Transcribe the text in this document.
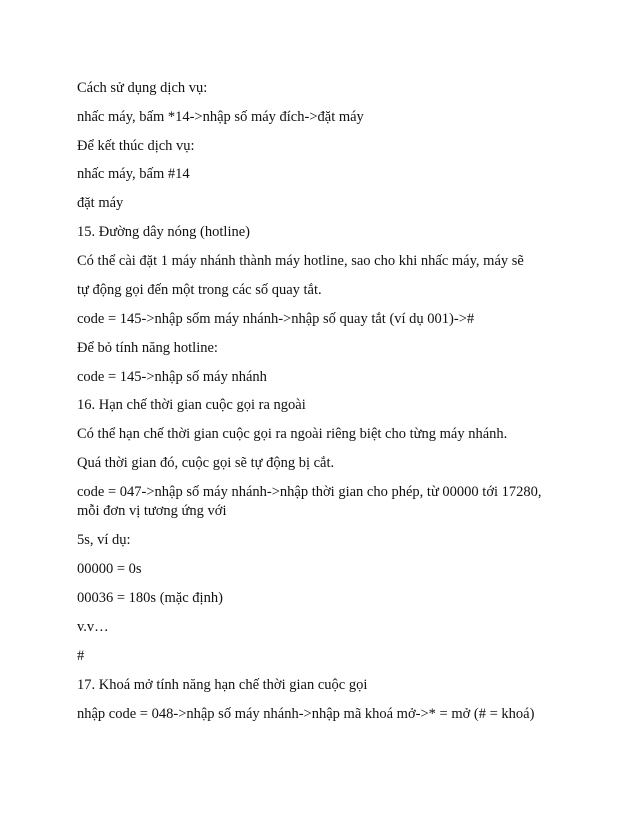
Cách sử dụng dịch vụ:
nhấc máy, bấm *14->nhập số máy đích->đặt máy
Để kết thúc dịch vụ:
nhấc máy, bấm #14
đặt máy
15. Đường dây nóng (hotline)
Có thể cài đặt 1 máy nhánh thành máy hotline, sao cho khi nhấc máy, máy sẽ
tự động gọi đến một trong các số quay tắt.
code = 145->nhập sốm máy nhánh->nhập số quay tắt (ví dụ 001)->#
Để bỏ tính năng hotline:
code = 145->nhập số máy nhánh
16. Hạn chế thời gian cuộc gọi ra ngoài
Có thể hạn chế thời gian cuộc gọi ra ngoài riêng biệt cho từng máy nhánh.
Quá thời gian đó, cuộc gọi sẽ tự động bị cắt.
code = 047->nhập số máy nhánh->nhập thời gian cho phép, từ 00000 tới 17280,
mỗi đơn vị tương ứng với
5s, ví dụ:
00000 = 0s
00036 = 180s (mặc định)
v.v…
#
17. Khoá mở tính năng hạn chế thời gian cuộc gọi
nhập code = 048->nhập số máy nhánh->nhập mã khoá mở->* = mở (# = khoá)
